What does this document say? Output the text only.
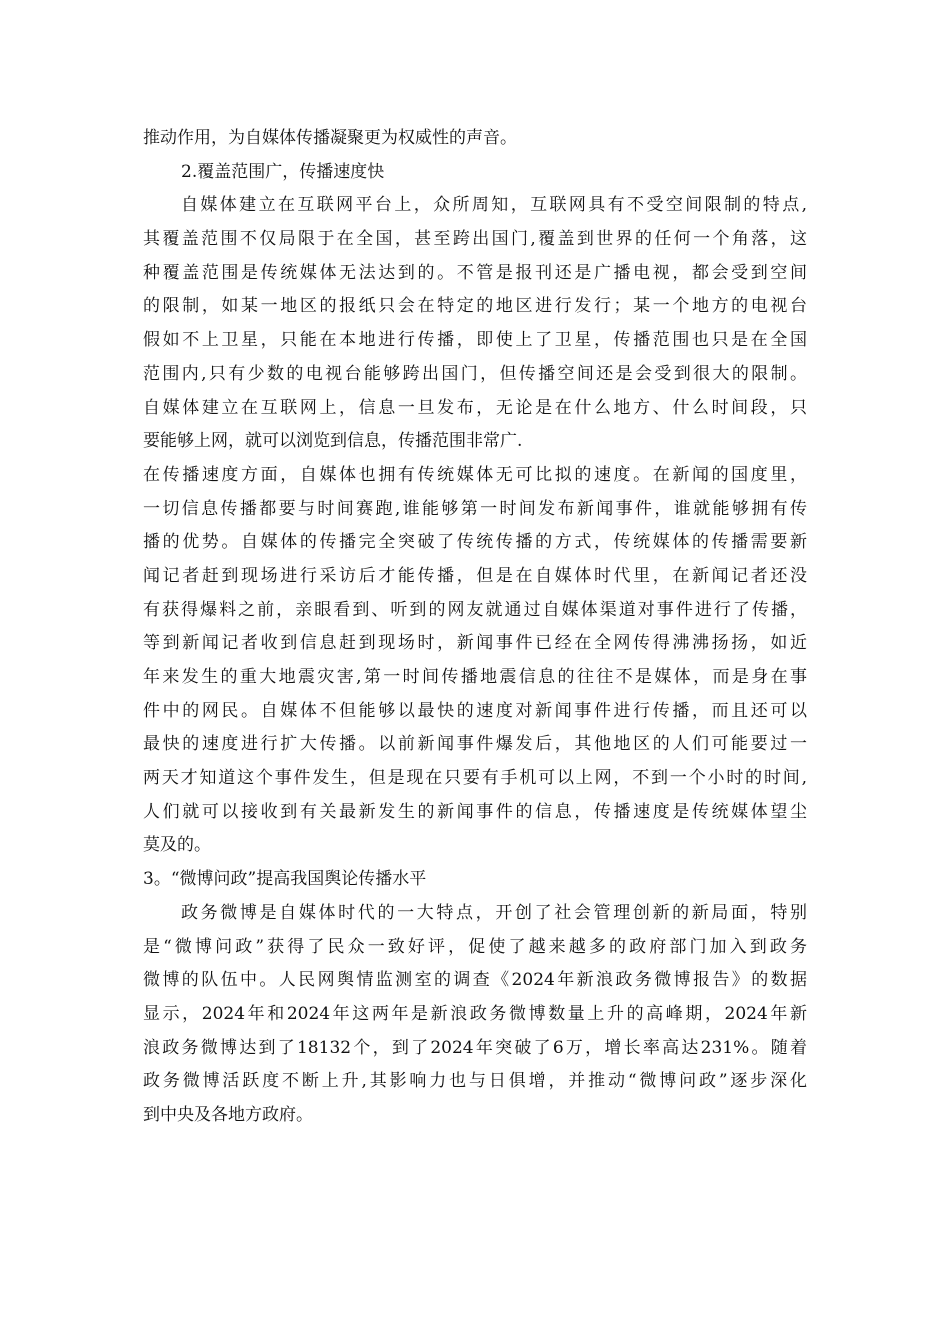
推动作用，为自媒体传播凝聚更为权威性的声音。
2.覆盖范围广，传播速度快
自媒体建立在互联网平台上，众所周知，互联网具有不受空间限制的特点,
其覆盖范围不仅局限于在全国，甚至跨出国门,覆盖到世界的任何一个角落，这
种覆盖范围是传统媒体无法达到的。不管是报刊还是广播电视，都会受到空间
的限制，如某一地区的报纸只会在特定的地区进行发行；某一个地方的电视台
假如不上卫星，只能在本地进行传播，即使上了卫星，传播范围也只是在全国
范围内,只有少数的电视台能够跨出国门，但传播空间还是会受到很大的限制。
自媒体建立在互联网上，信息一旦发布，无论是在什么地方、什么时间段，只
要能够上网，就可以浏览到信息，传播范围非常广.
在传播速度方面，自媒体也拥有传统媒体无可比拟的速度。在新闻的国度里，
一切信息传播都要与时间赛跑,谁能够第一时间发布新闻事件，谁就能够拥有传
播的优势。自媒体的传播完全突破了传统传播的方式，传统媒体的传播需要新
闻记者赶到现场进行采访后才能传播，但是在自媒体时代里，在新闻记者还没
有获得爆料之前，亲眼看到、听到的网友就通过自媒体渠道对事件进行了传播，
等到新闻记者收到信息赶到现场时，新闻事件已经在全网传得沸沸扬扬，如近
年来发生的重大地震灾害,第一时间传播地震信息的往往不是媒体，而是身在事
件中的网民。自媒体不但能够以最快的速度对新闻事件进行传播，而且还可以
最快的速度进行扩大传播。以前新闻事件爆发后，其他地区的人们可能要过一
两天才知道这个事件发生，但是现在只要有手机可以上网，不到一个小时的时间,
人们就可以接收到有关最新发生的新闻事件的信息，传播速度是传统媒体望尘
莫及的。
3。“微博问政”提高我国舆论传播水平
政务微博是自媒体时代的一大特点，开创了社会管理创新的新局面，特别
是“微博问政”获得了民众一致好评，促使了越来越多的政府部门加入到政务
微博的队伍中。人民网舆情监测室的调查《2024年新浪政务微博报告》的数据
显示，2024年和2024年这两年是新浪政务微博数量上升的高峰期，2024年新
浪政务微博达到了18132个，到了2024年突破了6万，增长率高达231%。随着
政务微博活跃度不断上升,其影响力也与日俱增，并推动“微博问政”逐步深化
到中央及各地方政府。
